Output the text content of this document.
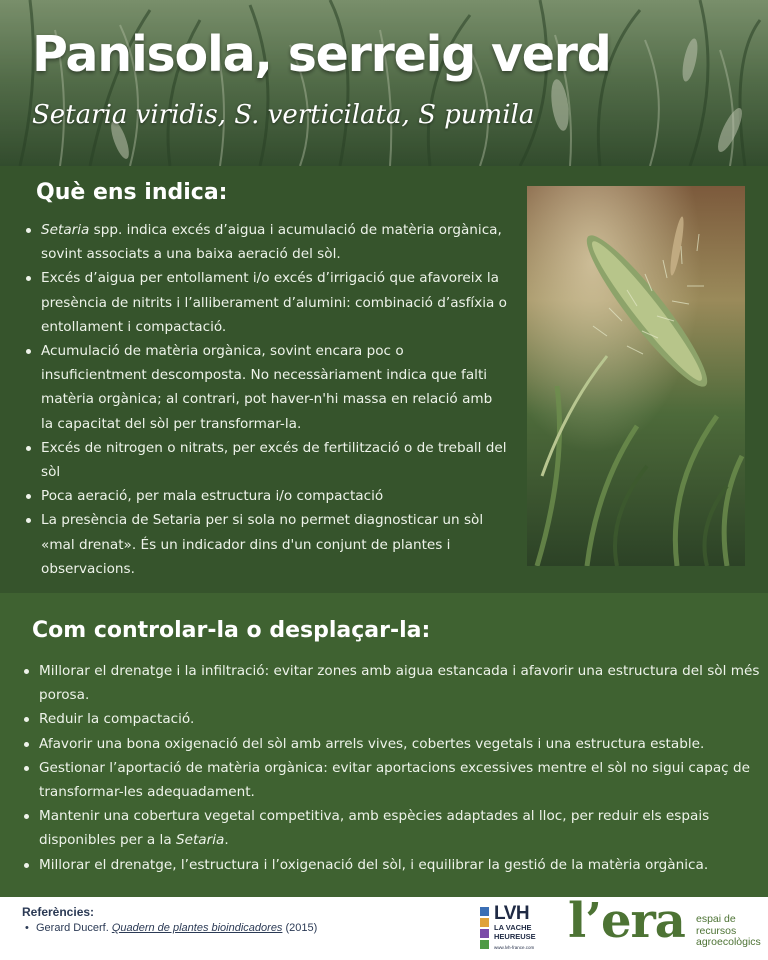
Panisola, serreig verd

Setaria viridis, S. verticilata, S pumila

Què ens indica:
Setaria spp. indica excés d’aigua i acumulació de matèria orgànica, sovint associats a una baixa aeració del sòl.
Excés d’aigua per entollament i/o excés d’irrigació que afavoreix la presència de nitrits i l’alliberament d’alumini: combinació d’asfíxia o entollament i compactació.
Acumulació de matèria orgànica, sovint encara poc o insuficientment descomposta. No necessàriament indica que falti matèria orgànica; al contrari, pot haver-n'hi massa en relació amb la capacitat del sòl per transformar-la.
Excés de nitrogen o nitrats, per excés de fertilització o de treball del sòl
Poca aeració, per mala estructura i/o compactació
La presència de Setaria per si sola no permet diagnosticar un sòl «mal drenat». És un indicador dins d'un conjunt de plantes i observacions.
Com controlar-la o desplaçar-la:
Millorar el drenatge i la infiltració: evitar zones amb aigua estancada i afavorir una estructura del sòl més porosa.
Reduir la compactació.
Afavorir una bona oxigenació del sòl amb arrels vives, cobertes vegetals i una estructura estable.
Gestionar l’aportació de matèria orgànica: evitar aportacions excessives mentre el sòl no sigui capaç de transformar-les adequadament.
Mantenir una cobertura vegetal competitiva, amb espècies adaptades al lloc, per reduir els espais disponibles per a la Setaria.
Millorar el drenatge, l’estructura i l’oxigenació del sòl, i equilibrar la gestió de la matèria orgànica.

Referències:

• Gerard Ducerf. Quadern de plantes bioindicadores (2015)
LVH
LA VACHE HEUREUSE
www.lvh-france.com l’era espai de
recursos
agroecològics
